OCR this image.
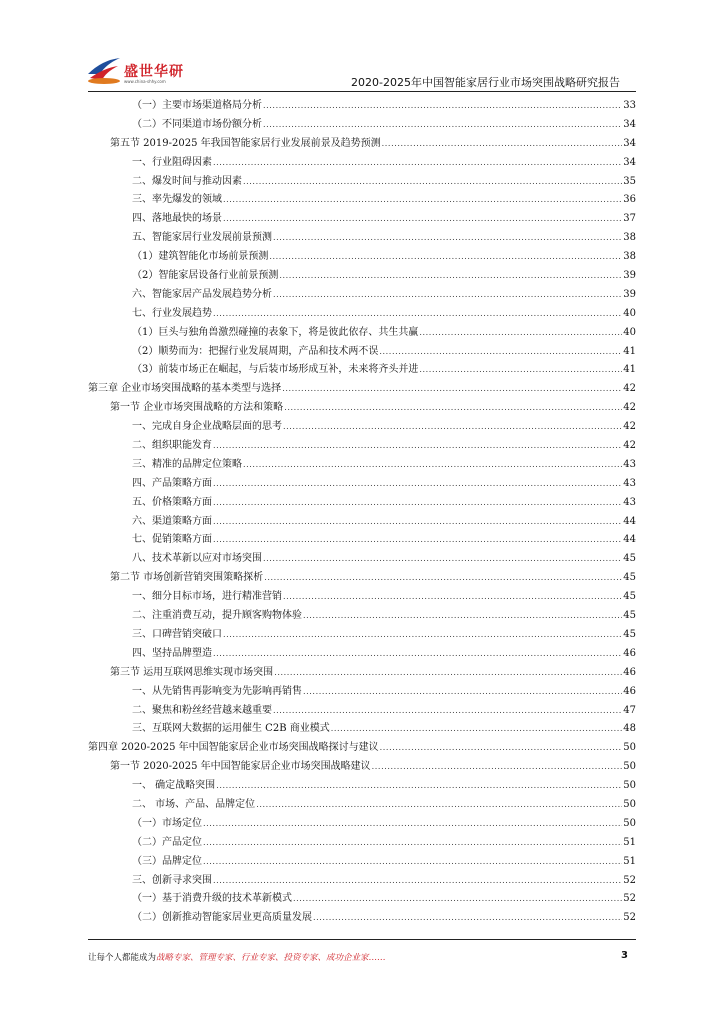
盛世华研
www.china-shhy.com	2020-2025年中国智能家居行业市场突围战略研究报告
（一）主要市场渠道格局分析 .....	33
（二）不同渠道市场份额分析 .....	34
第五节 2019-2025 年我国智能家居行业发展前景及趋势预测 .....	34
一、行业阻碍因素 .....	34
二、爆发时间与推动因素 .....	35
三、率先爆发的领域 .....	36
四、落地最快的场景 .....	37
五、智能家居行业发展前景预测 .....	38
（1）建筑智能化市场前景预测 .....	38
（2）智能家居设备行业前景预测 .....	39
六、智能家居产品发展趋势分析 .....	39
七、行业发展趋势 .....	40
（1）巨头与独角兽激烈碰撞的表象下，将是彼此依存、共生共赢 .....	40
（2）顺势而为：把握行业发展周期，产品和技术两不误 .....	41
（3）前装市场正在崛起，与后装市场形成互补，未来将齐头并进 .....	41
第三章 企业市场突围战略的基本类型与选择 .....	42
第一节 企业市场突围战略的方法和策略 .....	42
一、完成自身企业战略层面的思考 .....	42
二、组织职能发育 .....	42
三、精准的品牌定位策略 .....	43
四、产品策略方面 .....	43
五、价格策略方面 .....	43
六、渠道策略方面 .....	44
七、促销策略方面 .....	44
八、技术革新以应对市场突围 .....	45
第二节 市场创新营销突围策略探析 .....	45
一、细分目标市场，进行精准营销 .....	45
二、注重消费互动，提升顾客购物体验 .....	45
三、口碑营销突破口 .....	45
四、坚持品牌塑造 .....	46
第三节 运用互联网思维实现市场突围 .....	46
一、从先销售再影响变为先影响再销售 .....	46
二、聚焦和粉丝经营越来越重要 .....	47
三、互联网大数据的运用催生 C2B 商业模式 .....	48
第四章 2020-2025 年中国智能家居企业市场突围战略探讨与建议 .....	50
第一节 2020-2025 年中国智能家居企业市场突围战略建议 .....	50
一、 确定战略突围 .....	50
二、 市场、产品、品牌定位 .....	50
（一）市场定位 .....	50
（二）产品定位 .....	51
（三）品牌定位 .....	51
三、创新寻求突围 .....	52
（一）基于消费升级的技术革新模式 .....	52
（二）创新推动智能家居业更高质量发展 .....	52
让每个人都能成为战略专家、管理专家、行业专家、投资专家、成功企业家……	3
